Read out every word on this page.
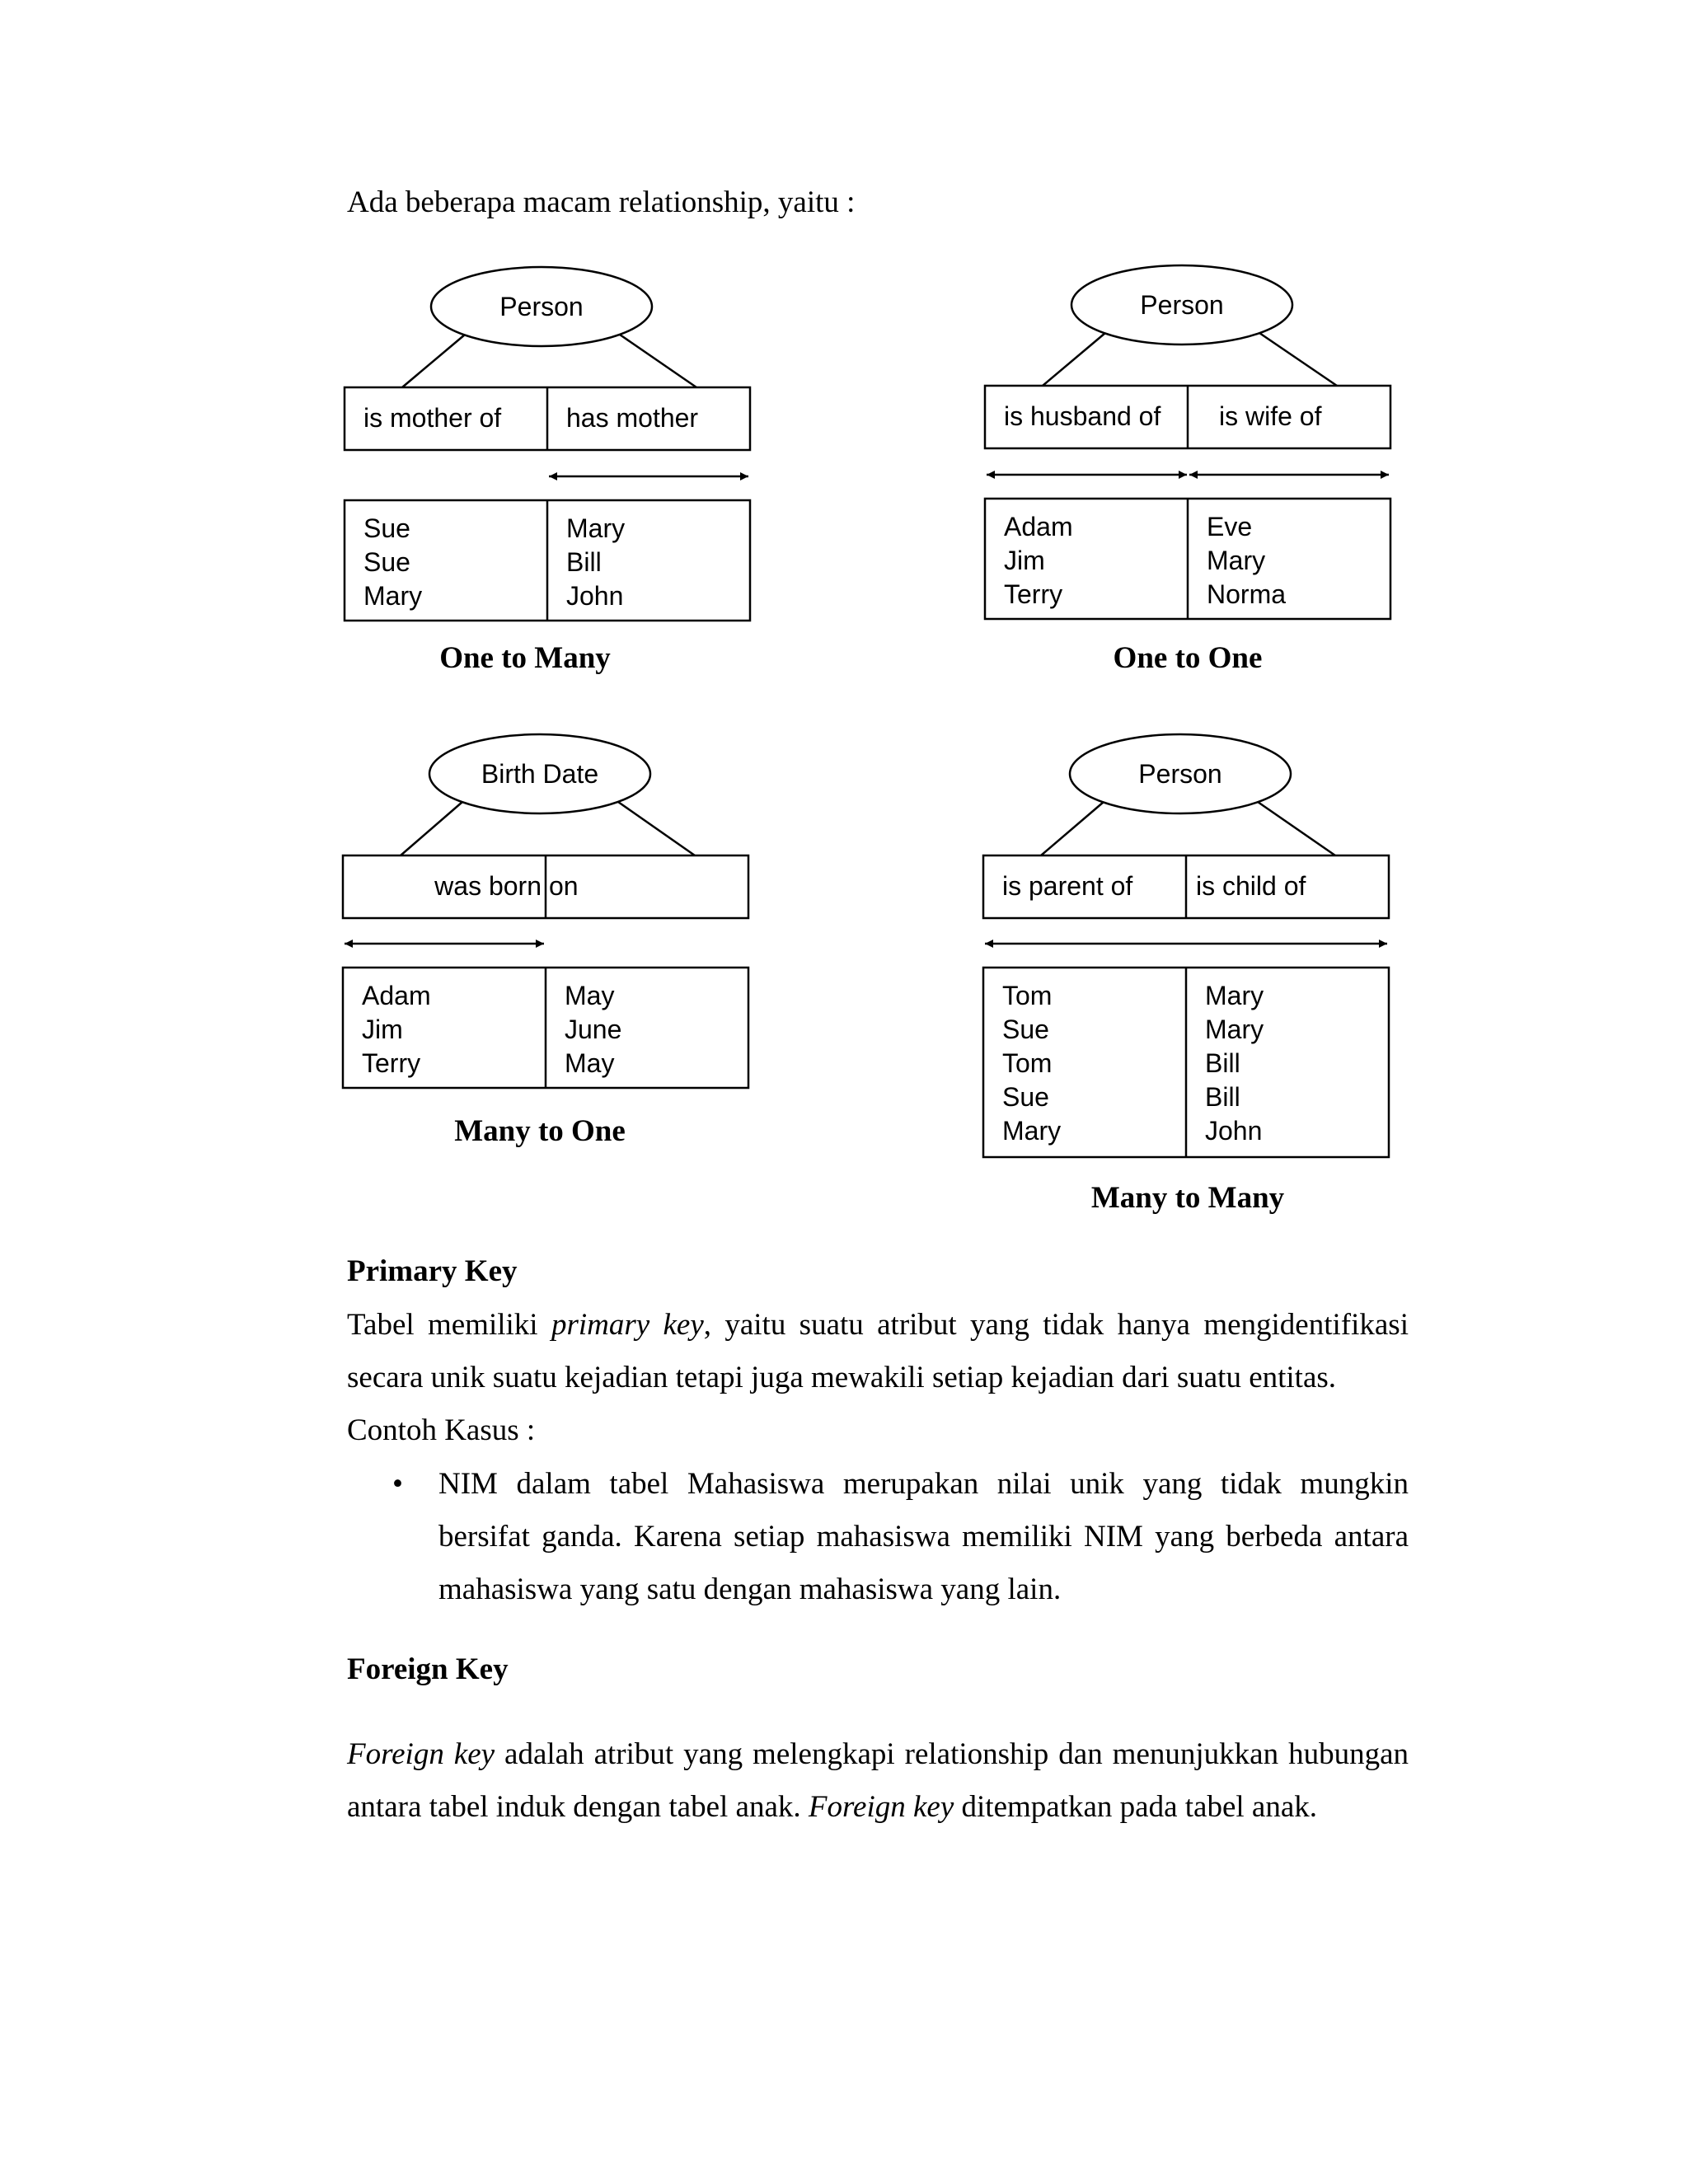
Ada beberapa macam relationship, yaitu :
Person
is mother of has mother
Sue
Sue
Mary
Mary
Bill
John
One to Many
Person
is husband of is wife of
Adam
Jim
Terry
Eve
Mary
Norma
One to One
Birth Date
was born on
Adam
Jim
Terry
May
June
May
Many to One
Person
is parent of is child of
Tom
Sue
Tom
Sue
Mary
Mary
Mary
Bill
Bill
John
Many to Many
Primary Key

Tabel memiliki primary key, yaitu suatu atribut yang tidak hanya mengidentifikasi secara unik suatu kejadian tetapi juga mewakili setiap kejadian dari suatu entitas.

Contoh Kasus :

• NIM dalam tabel Mahasiswa merupakan nilai unik yang tidak mungkin bersifat ganda. Karena setiap mahasiswa memiliki NIM yang berbeda antara mahasiswa yang satu dengan mahasiswa yang lain.
Foreign Key

Foreign key adalah atribut yang melengkapi relationship dan menunjukkan hubungan antara tabel induk dengan tabel anak. Foreign key ditempatkan pada tabel anak.
